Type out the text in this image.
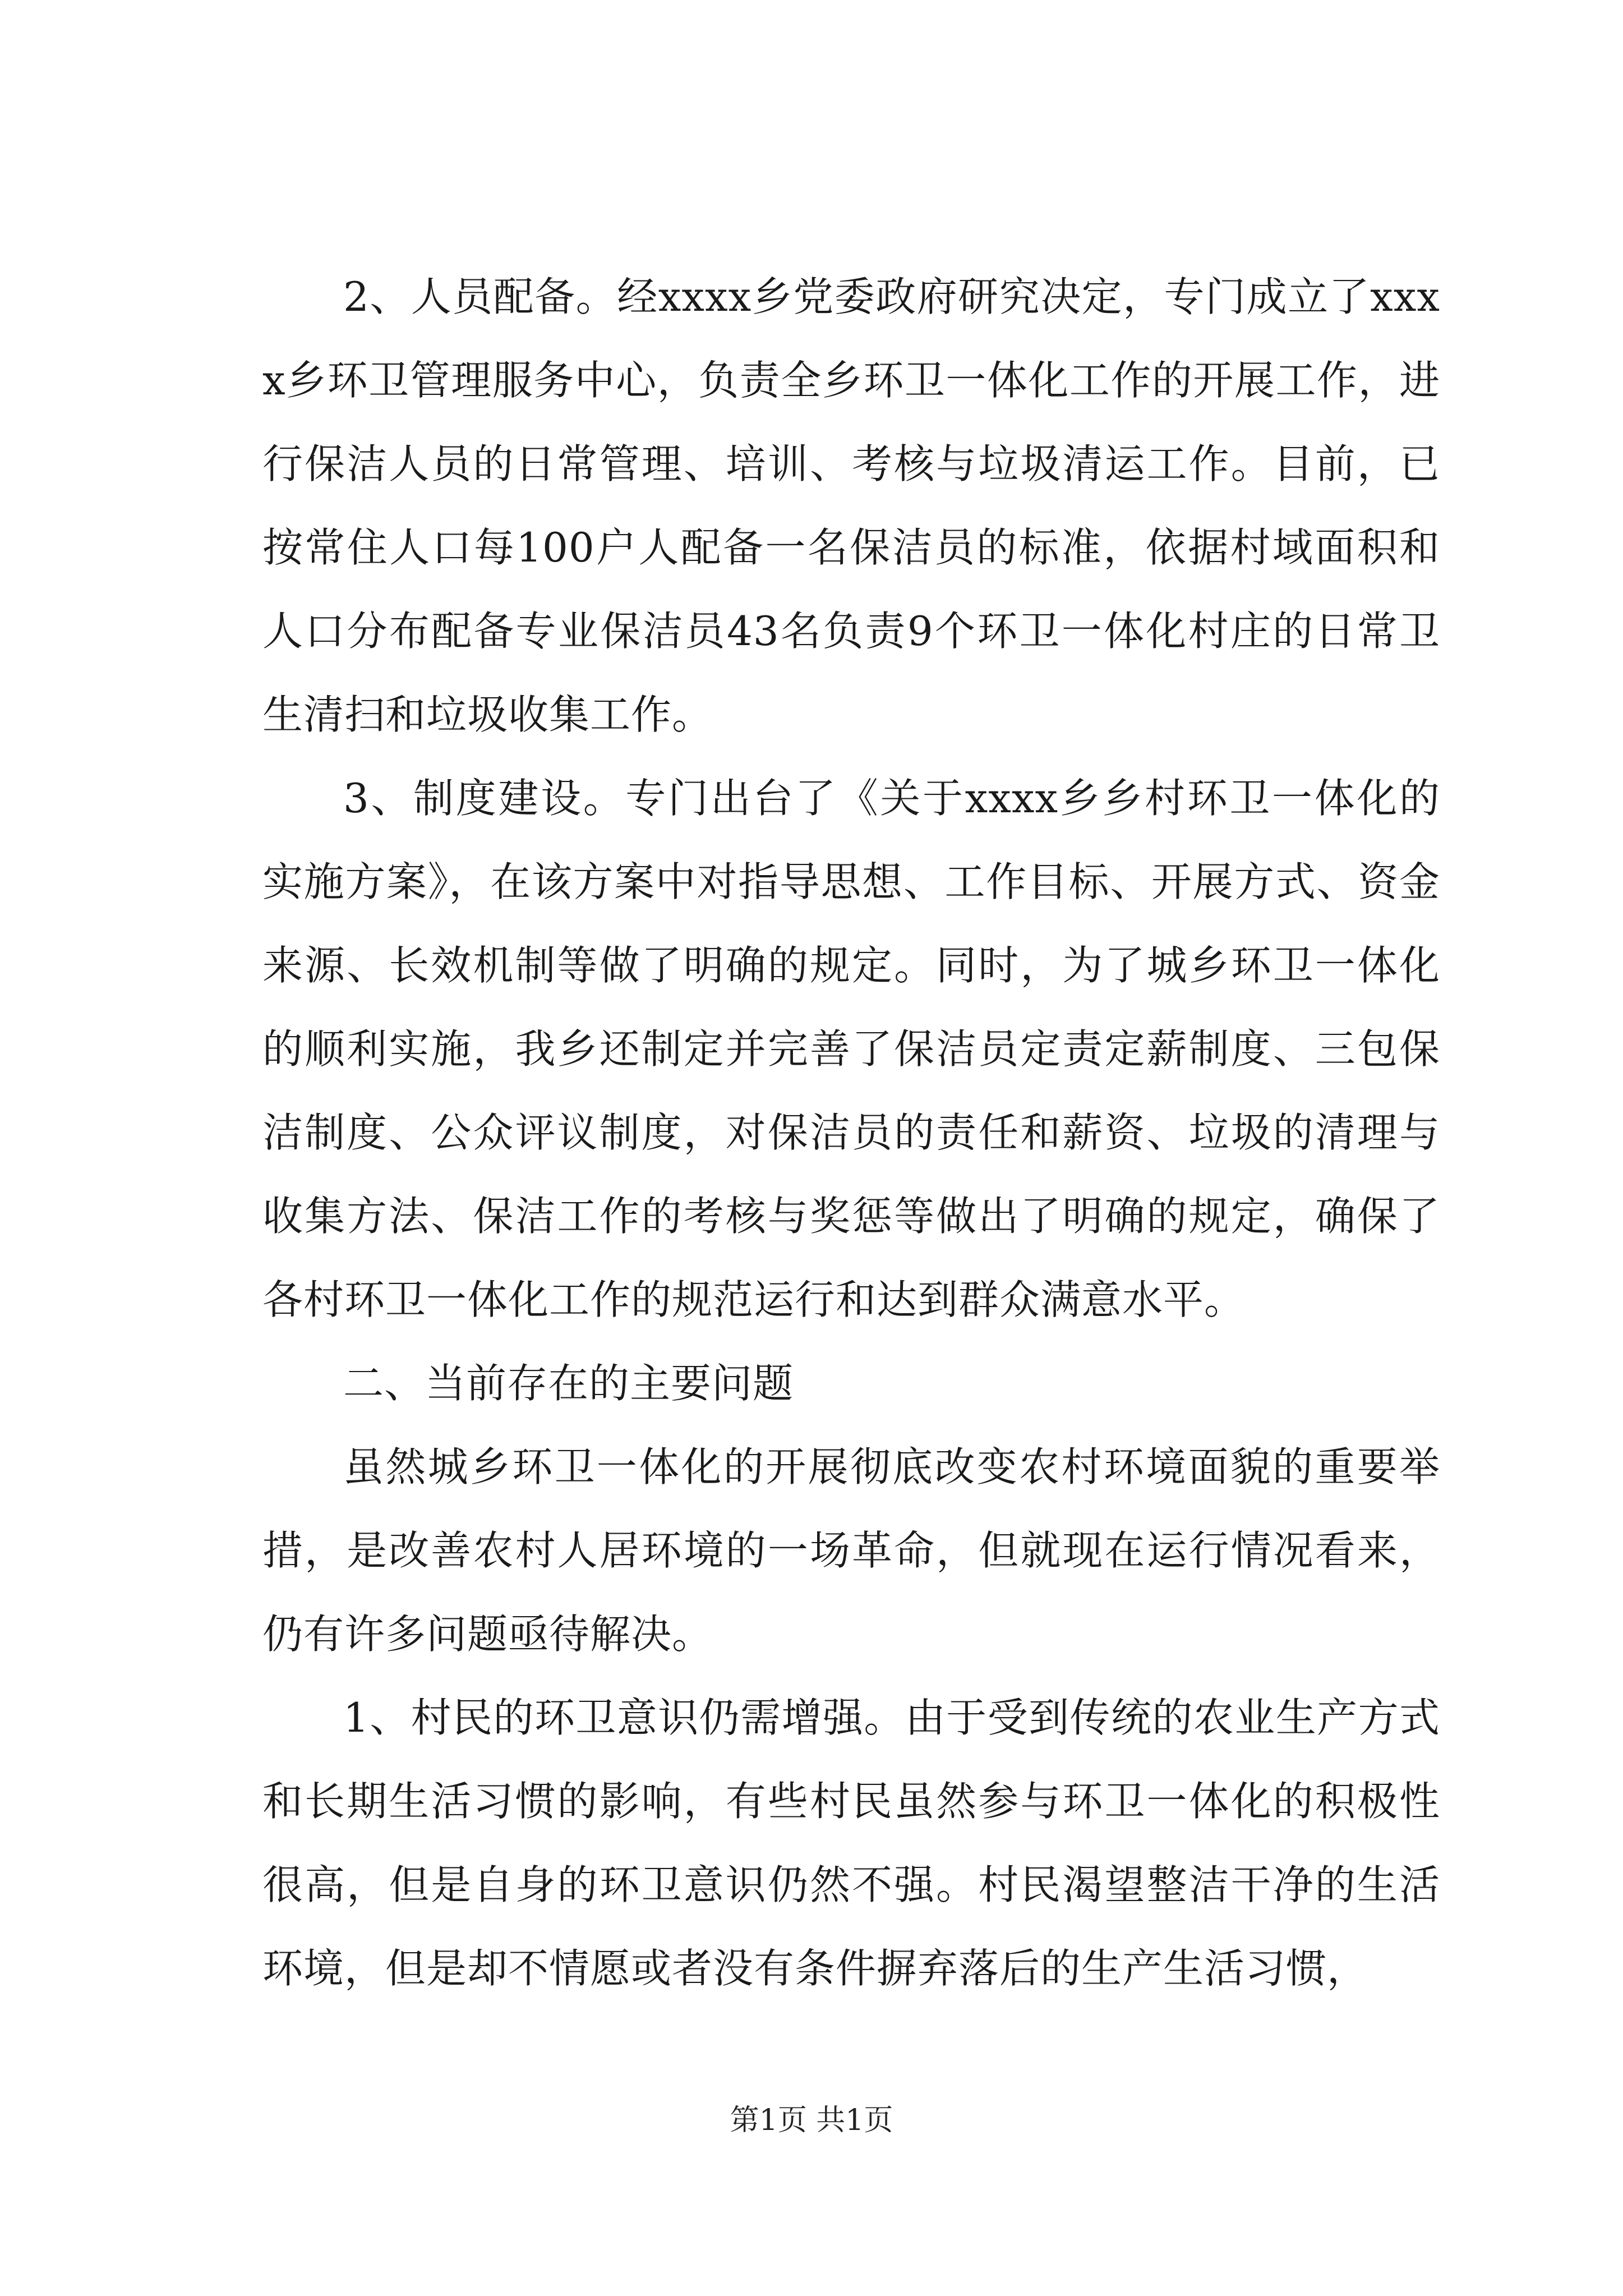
2、人员配备。经xxxx乡党委政府研究决定，专门成立了xxxx乡环卫管理服务中心，负责全乡环卫一体化工作的开展工作，进行保洁人员的日常管理、培训、考核与垃圾清运工作。目前，已按常住人口每100户人配备一名保洁员的标准，依据村域面积和人口分布配备专业保洁员43名负责9个环卫一体化村庄的日常卫生清扫和垃圾收集工作。

3、制度建设。专门出台了《关于xxxx乡乡村环卫一体化的实施方案》，在该方案中对指导思想、工作目标、开展方式、资金来源、长效机制等做了明确的规定。同时，为了城乡环卫一体化的顺利实施，我乡还制定并完善了保洁员定责定薪制度、三包保洁制度、公众评议制度，对保洁员的责任和薪资、垃圾的清理与收集方法、保洁工作的考核与奖惩等做出了明确的规定，确保了各村环卫一体化工作的规范运行和达到群众满意水平。

二、当前存在的主要问题

虽然城乡环卫一体化的开展彻底改变农村环境面貌的重要举措，是改善农村人居环境的一场革命，但就现在运行情况看来，仍有许多问题亟待解决。

1、村民的环卫意识仍需增强。由于受到传统的农业生产方式和长期生活习惯的影响，有些村民虽然参与环卫一体化的积极性很高，但是自身的环卫意识仍然不强。村民渴望整洁干净的生活环境，但是却不情愿或者没有条件摒弃落后的生产生活习惯，

第1页 共1页
